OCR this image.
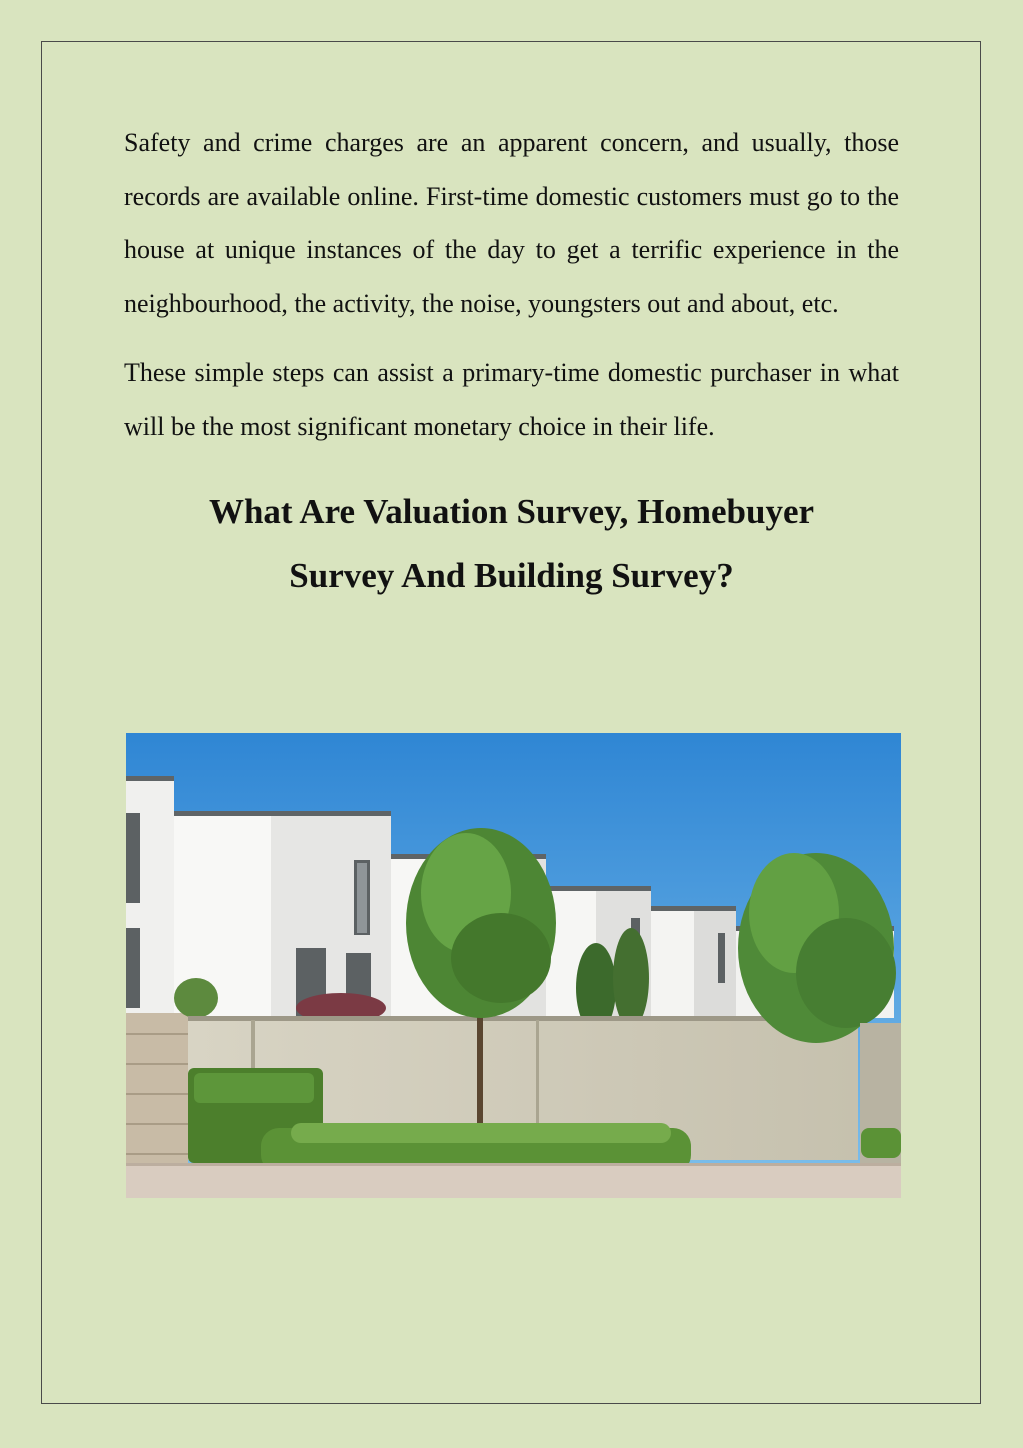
Safety and crime charges are an apparent concern, and usually, those records are available online. First-time domestic customers must go to the house at unique instances of the day to get a terrific experience in the neighbourhood, the activity, the noise, youngsters out and about, etc.

These simple steps can assist a primary-time domestic purchaser in what will be the most significant monetary choice in their life.

What Are Valuation Survey, Homebuyer
Survey And Building Survey?
